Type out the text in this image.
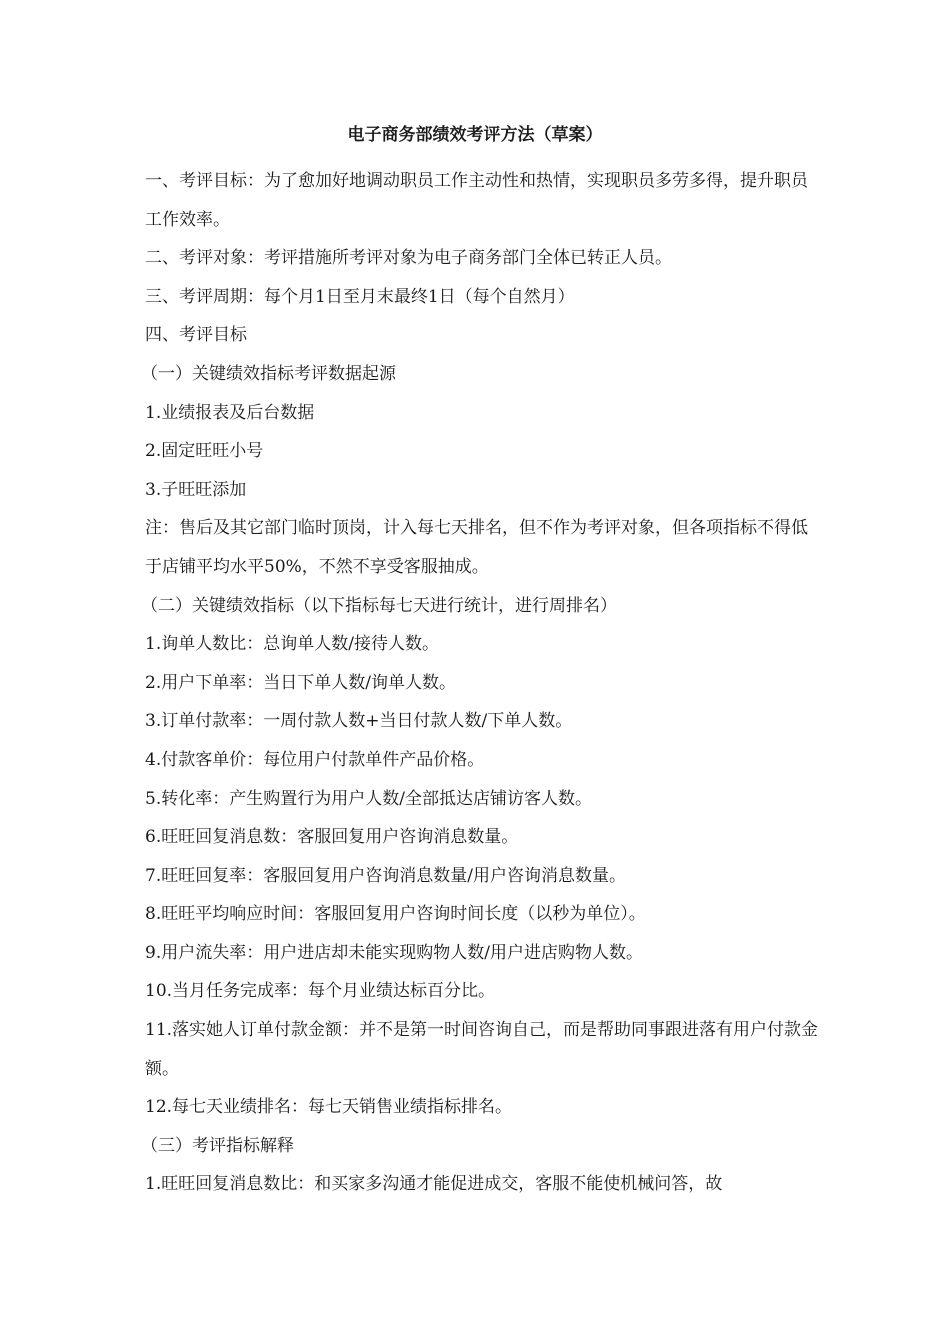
电子商务部绩效考评方法（草案）

一、考评目标：为了愈加好地调动职员工作主动性和热情，实现职员多劳多得，提升职员工作效率。

二、考评对象：考评措施所考评对象为电子商务部门全体已转正人员。

三、考评周期：每个月1日至月末最终1日（每个自然月）

四、考评目标

（一）关键绩效指标考评数据起源

1.业绩报表及后台数据

2.固定旺旺小号

3.子旺旺添加

注：售后及其它部门临时顶岗，计入每七天排名，但不作为考评对象，但各项指标不得低于店铺平均水平50%，不然不享受客服抽成。

（二）关键绩效指标（以下指标每七天进行统计，进行周排名）

1.询单人数比：总询单人数/接待人数。

2.用户下单率：当日下单人数/询单人数。

3.订单付款率：一周付款人数+当日付款人数/下单人数。

4.付款客单价：每位用户付款单件产品价格。

5.转化率：产生购置行为用户人数/全部抵达店铺访客人数。

6.旺旺回复消息数：客服回复用户咨询消息数量。

7.旺旺回复率：客服回复用户咨询消息数量/用户咨询消息数量。

8.旺旺平均响应时间：客服回复用户咨询时间长度（以秒为单位）。

9.用户流失率：用户进店却未能实现购物人数/用户进店购物人数。

10.当月任务完成率：每个月业绩达标百分比。

11.落实她人订单付款金额：并不是第一时间咨询自己，而是帮助同事跟进落有用户付款金额。

12.每七天业绩排名：每七天销售业绩指标排名。

（三）考评指标解释

1.旺旺回复消息数比：和买家多沟通才能促进成交，客服不能使机械问答，故
